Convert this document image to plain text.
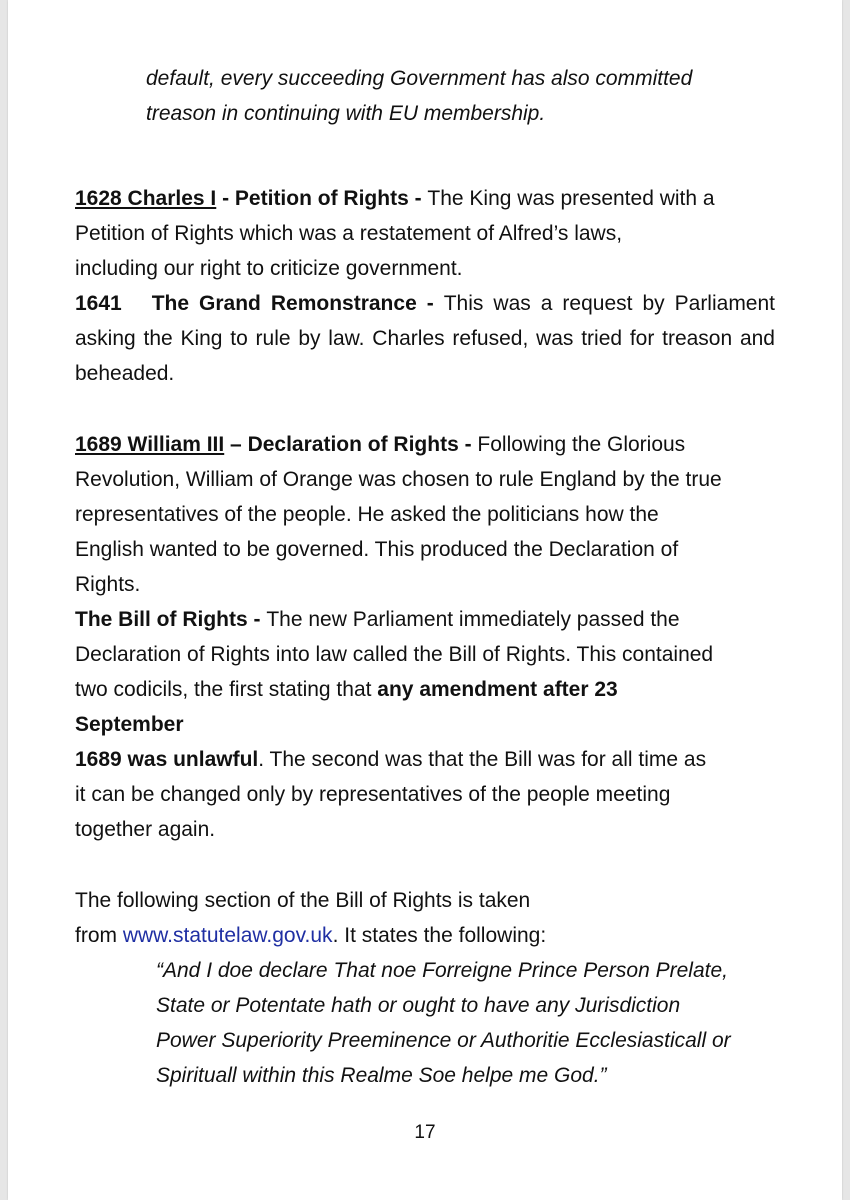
default, every succeeding Government has also committed

treason in continuing with EU membership.

1628 Charles I - Petition of Rights - The King was presented with a

Petition of Rights which was a restatement of Alfred’s laws,

including our right to criticize government.

1641   The Grand Remonstrance - This was a request by Parliament asking the King to rule by law. Charles refused, was tried for treason and beheaded.

1689 William III – Declaration of Rights - Following the Glorious

Revolution, William of Orange was chosen to rule England by the true

representatives of the people. He asked the politicians how the

English wanted to be governed. This produced the Declaration of

Rights.

The Bill of Rights - The new Parliament immediately passed the

Declaration of Rights into law called the Bill of Rights. This contained

two codicils, the first stating that any amendment after 23

September

1689 was unlawful. The second was that the Bill was for all time as

it can be changed only by representatives of the people meeting

together again.

The following section of the Bill of Rights is taken

from www.statutelaw.gov.uk. It states the following:

“And I doe declare That noe Forreigne Prince Person Prelate,

State or Potentate hath or ought to have any Jurisdiction

Power Superiority Preeminence or Authoritie Ecclesiasticall or

Spirituall within this Realme Soe helpe me God.”

17
